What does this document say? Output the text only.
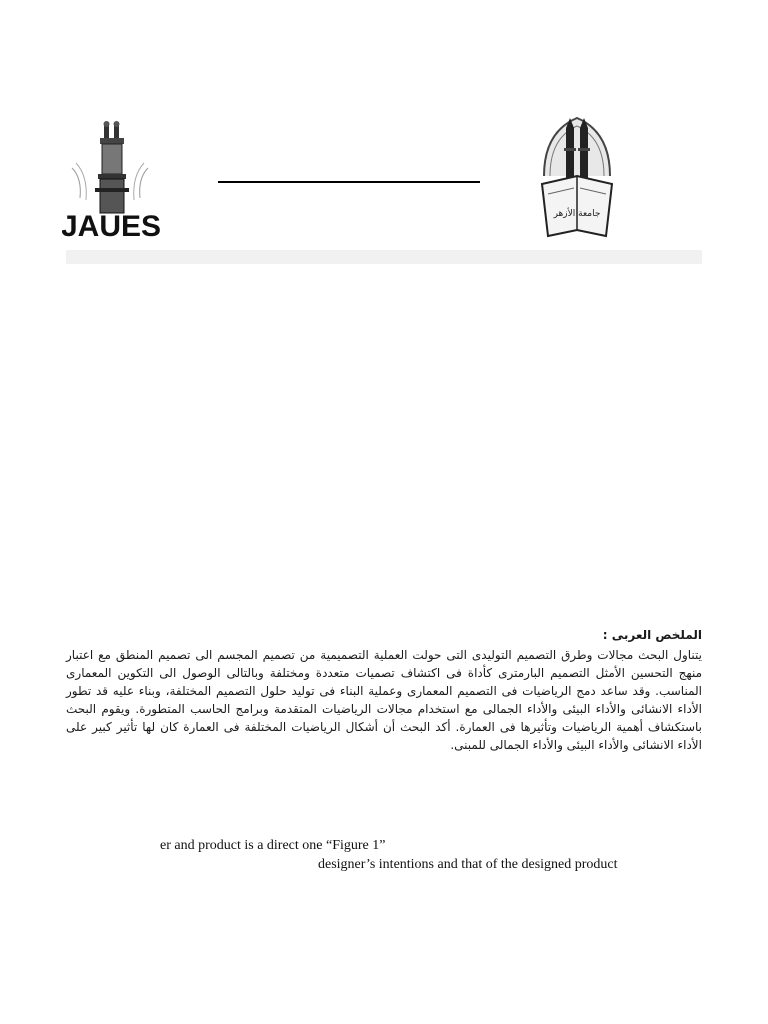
JAUES	جامعة الأزهر
الملخص العربى :

يتناول البحث مجالات وطرق التصميم التوليدى التى حولت العملية التصميمية من تصميم المجسم الى تصميم المنطق مع اعتبار منهج التحسين الأمثل التصميم البارمترى كأداة فى اكتشاف تصميات متعددة ومختلفة وبالتالى الوصول الى التكوين المعمارى المناسب. وقد ساعد دمج الرياضيات فى التصميم المعمارى وعملية البناء فى توليد حلول التصميم المختلفة، وبناء عليه قد تطور الأداء الانشائى والأداء البيئى والأداء الجمالى مع استخدام مجالات الرياضيات المتقدمة وبرامج الحاسب المتطورة. ويقوم البحث باستكشاف أهمية الرياضيات وتأثيرها فى العمارة. أكد البحث أن أشكال الرياضيات المختلفة فى العمارة كان لها تأثير كبير على الأداء الانشائى والأداء البيئى والأداء الجمالى للمبنى.

er and product is a direct one “Figure 1”
designer’s intentions and that of the designed product
